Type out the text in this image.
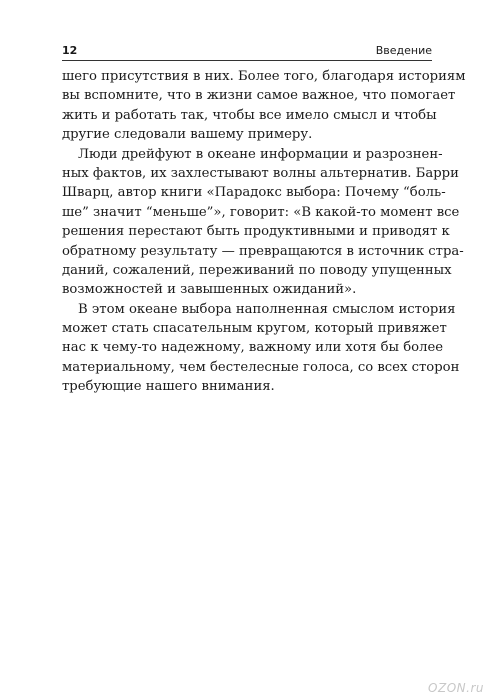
12	Введение
шего присутствия в них. Более того, благодаря историям
вы вспомните, что в жизни самое важное, что помогает
жить и работать так, чтобы все имело смысл и чтобы
другие следовали вашему примеру.
Люди дрейфуют в океане информации и разрознен-
ных фактов, их захлестывают волны альтернатив. Барри
Шварц, автор книги «Парадокс выбора: Почему “боль-
ше” значит “меньше”», говорит: «В какой-то момент все
решения перестают быть продуктивными и приводят к
обратному результату — превращаются в источник стра-
даний, сожалений, переживаний по поводу упущенных
возможностей и завышенных ожиданий».
В этом океане выбора наполненная смыслом история
может стать спасательным кругом, который привяжет
нас к чему-то надежному, важному или хотя бы более
материальному, чем бестелесные голоса, со всех сторон
требующие нашего внимания.
OZON.ru
